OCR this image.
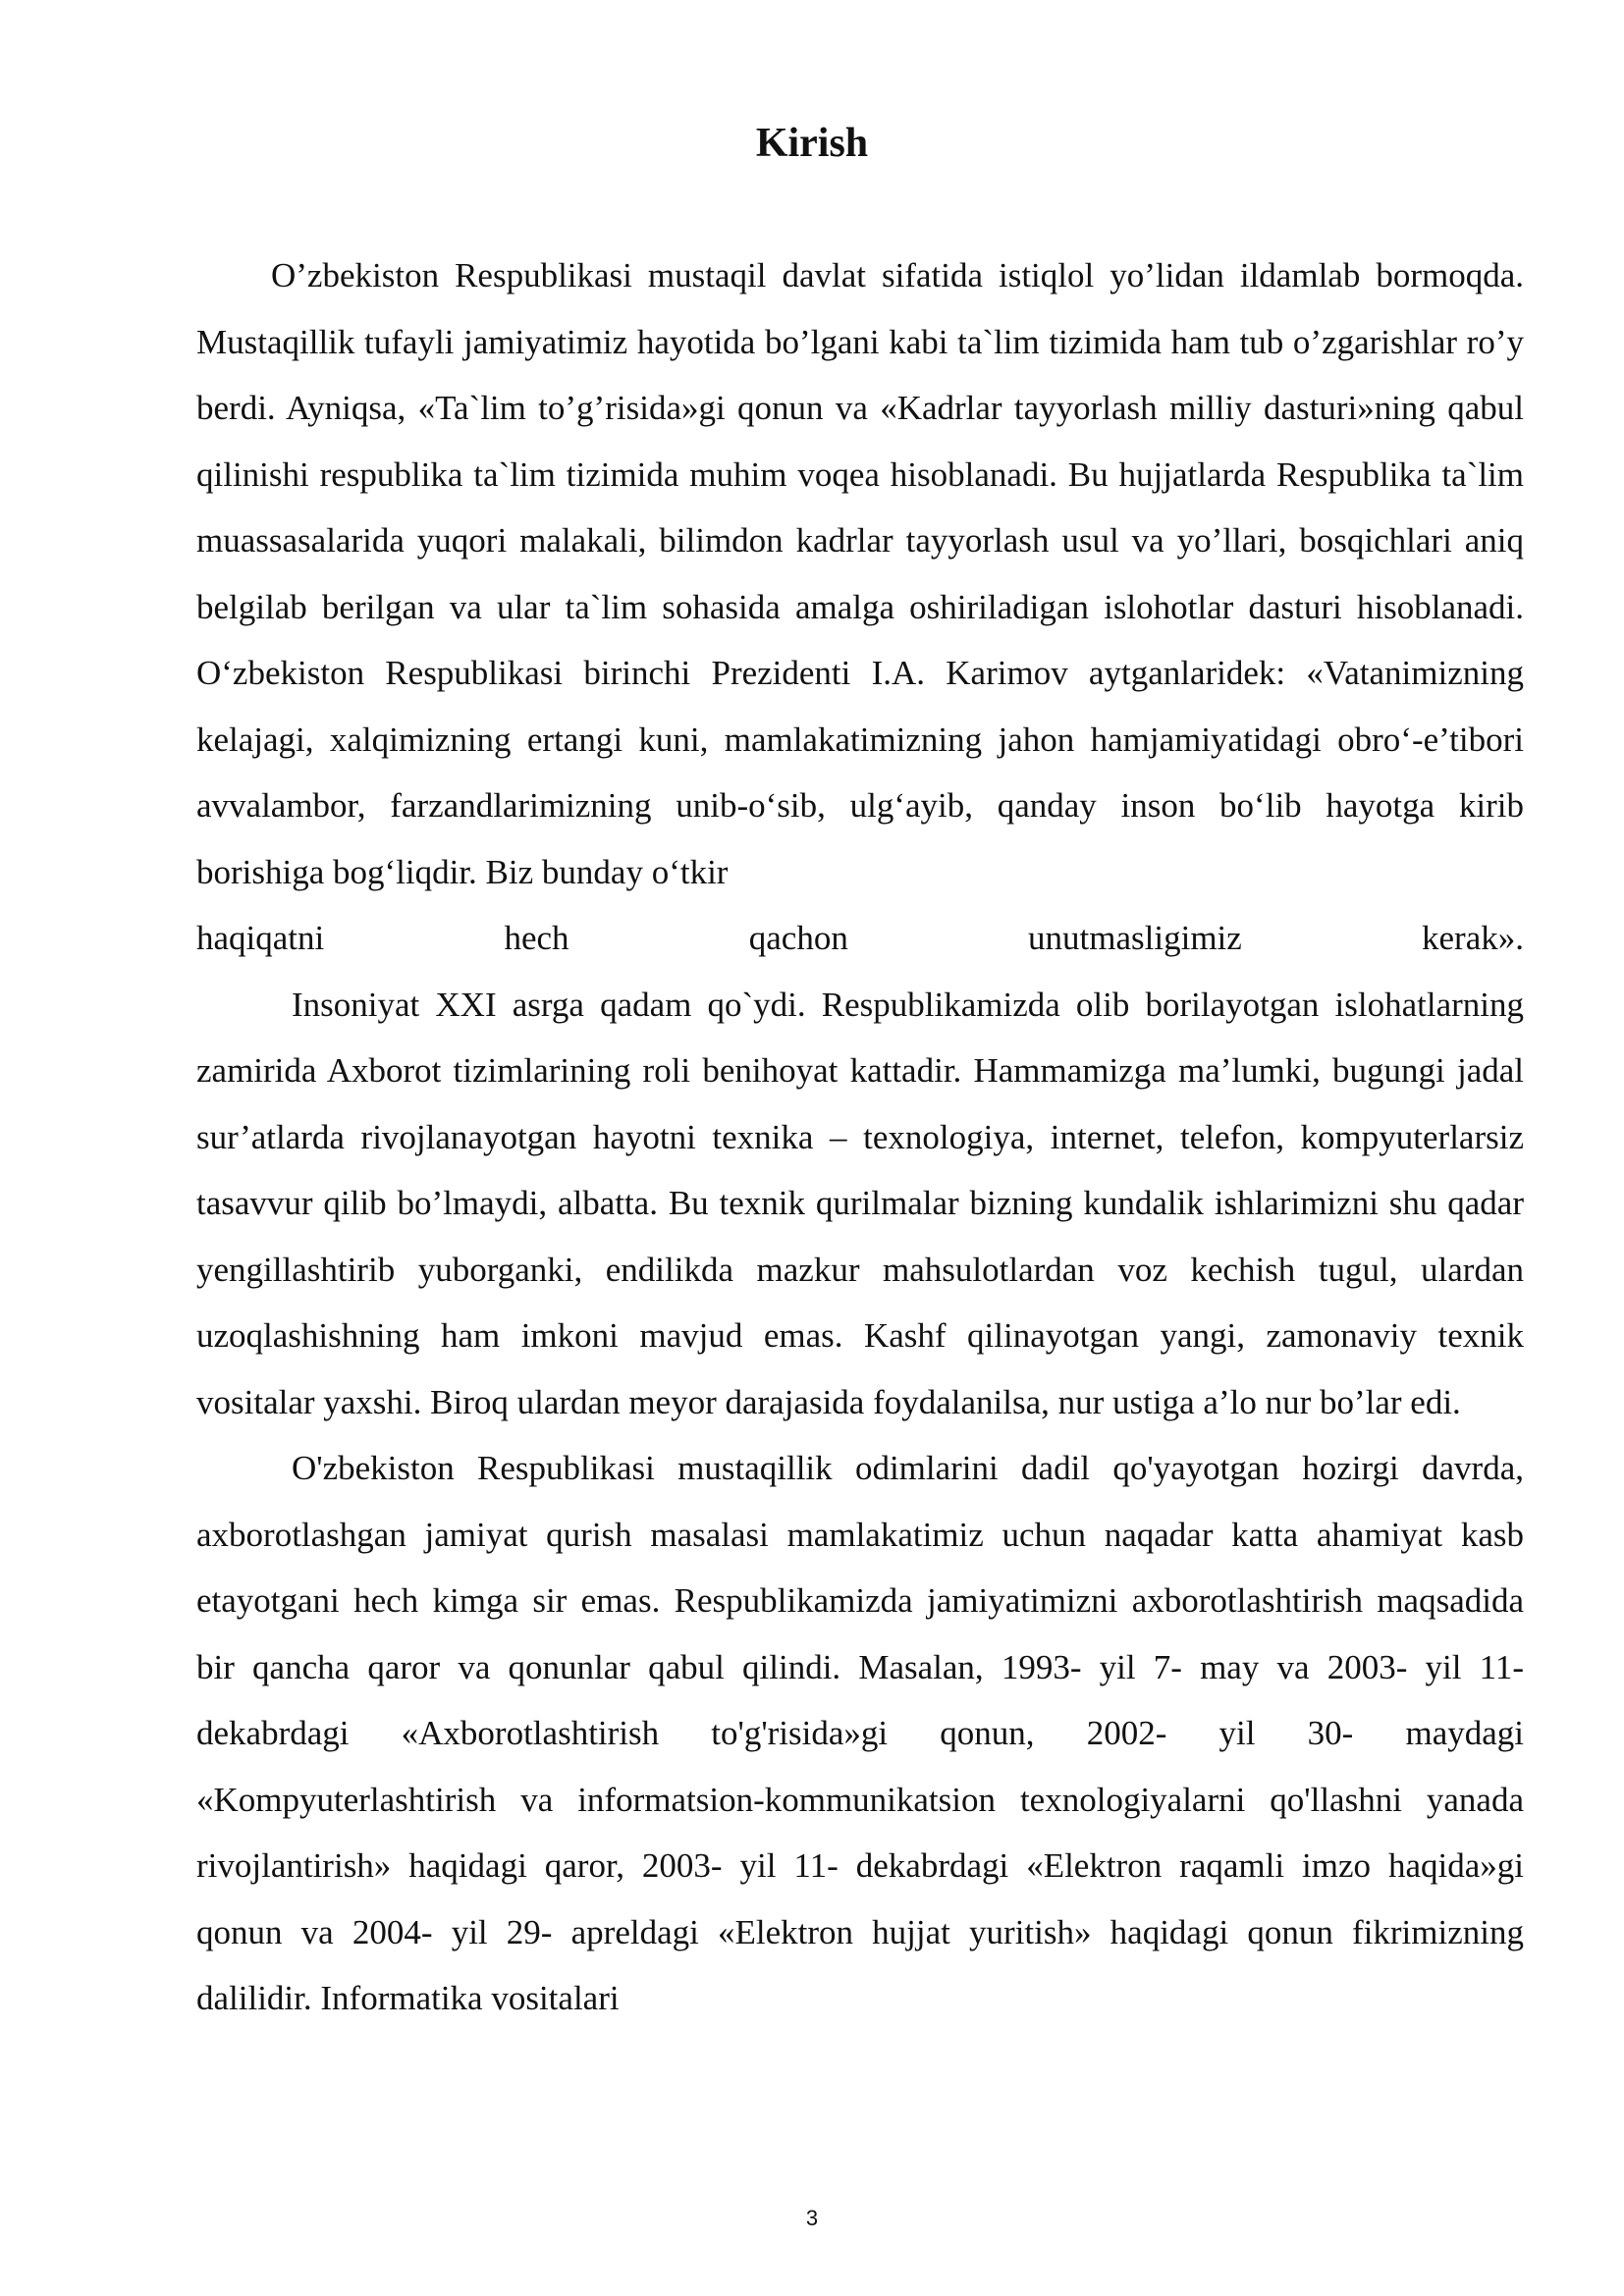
Kirish

O’zbekiston Respublikasi mustaqil davlat sifatida istiqlol yo’lidan ildamlab bormoqda. Mustaqillik tufayli jamiyatimiz hayotida bo’lgani kabi ta`lim tizimida ham tub o’zgarishlar ro’y berdi. Ayniqsa, «Ta`lim to’g’risida»gi qonun va «Kadrlar tayyorlash milliy dasturi»ning qabul qilinishi respublika ta`lim tizimida muhim voqea hisoblanadi. Bu hujjatlarda Respublika ta`lim muassasalarida yuqori malakali, bilimdon kadrlar tayyorlash usul va yo’llari, bosqichlari aniq belgilab berilgan va ular ta`lim sohasida amalga oshiriladigan islohotlar dasturi hisoblanadi. O‘zbekiston Respublikasi birinchi Prezidenti I.A. Karimov aytganlaridek: «Vatanimizning kelajagi, xalqimizning ertangi kuni, mamlakatimizning jahon hamjamiyatidagi obro‘-e’tibori avvalambor, farzandlarimizning unib-o‘sib, ulg‘ayib, qanday inson bo‘lib hayotga kirib borishiga bog‘liqdir. Biz bunday o‘tkir
haqiqatni hech qachon unutmasligimiz kerak».

Insoniyat XXI asrga qadam qo`ydi. Respublikamizda olib borilayotgan islohatlarning zamirida Axborot tizimlarining roli benihoyat kattadir. Hammamizga ma’lumki, bugungi jadal sur’atlarda rivojlanayotgan hayotni texnika – texnologiya, internet, telefon, kompyuterlarsiz tasavvur qilib bo’lmaydi, albatta. Bu texnik qurilmalar bizning kundalik ishlarimizni shu qadar yengillashtirib yuborganki, endilikda mazkur mahsulotlardan voz kechish tugul, ulardan uzoqlashishning ham imkoni mavjud emas. Kashf qilinayotgan yangi, zamonaviy texnik vositalar yaxshi. Biroq ulardan meyor darajasida foydalanilsa, nur ustiga a’lo nur bo’lar edi.

O'zbekiston Respublikasi mustaqillik odimlarini dadil qo'yayotgan hozirgi davrda, axborotlashgan jamiyat qurish masalasi mamlakatimiz uchun naqadar katta ahamiyat kasb etayotgani hech kimga sir emas. Respublikamizda jamiyatimizni axborotlashtirish maqsadida bir qancha qaror va qonunlar qabul qilindi. Masalan, 1993- yil 7- may va 2003- yil 11- dekabrdagi «Axborotlashtirish to'g'risida»gi qonun, 2002- yil 30- maydagi «Kompyuterlashtirish va informatsion-kommunikatsion texnologiyalarni qo'llashni yanada rivojlantirish» haqidagi qaror, 2003- yil 11- dekabrdagi «Elektron raqamli imzo haqida»gi qonun va 2004- yil 29- apreldagi «Elektron hujjat yuritish» haqidagi qonun fikrimizning dalilidir. Informatika vositalari

3
